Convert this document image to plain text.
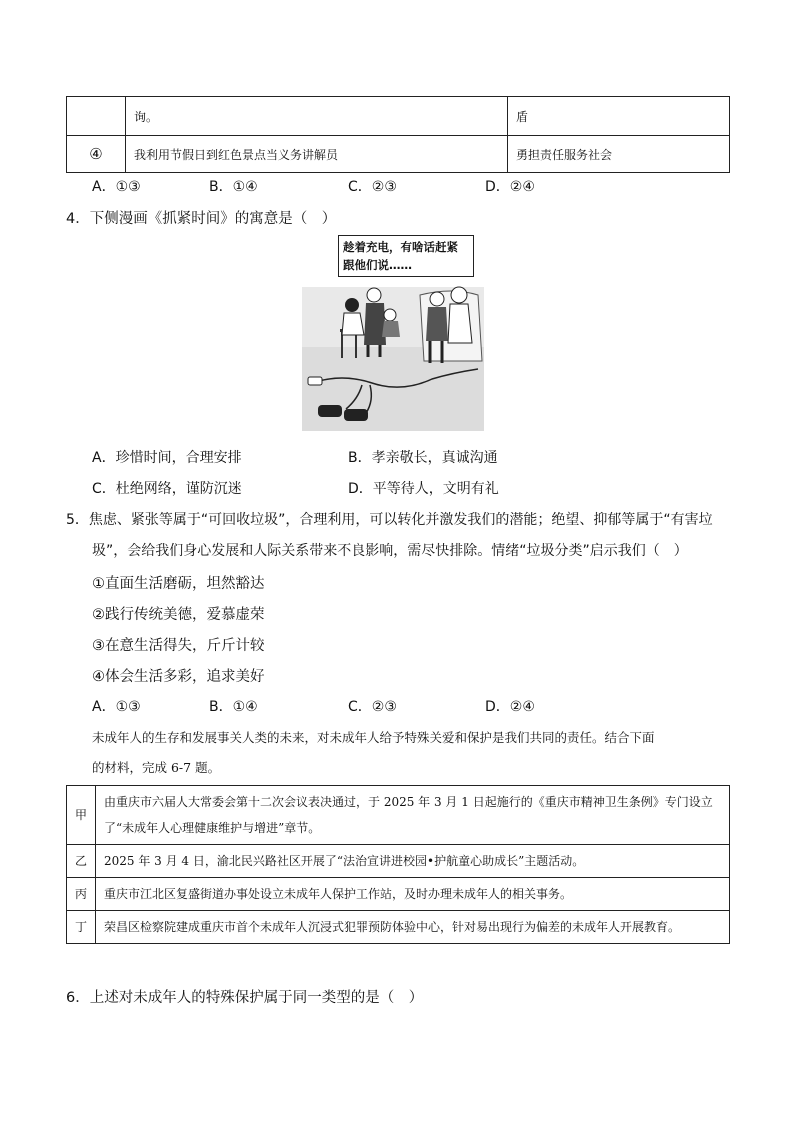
	询。	盾
④	我利用节假日到红色景点当义务讲解员	勇担责任服务社会
A．①③	B．①④	C．②③	D．②④
4．下侧漫画《抓紧时间》的寓意是（　）
趁着充电，有啥话赶紧
跟他们说……
A．珍惜时间，合理安排	B．孝亲敬长，真诚沟通
C．杜绝网络，谨防沉迷	D．平等待人，文明有礼
5．焦虑、紧张等属于“可回收垃圾”，合理利用，可以转化并激发我们的潜能；绝望、抑郁等属于“有害垃
圾”，会给我们身心发展和人际关系带来不良影响，需尽快排除。情绪“垃圾分类”启示我们（　）
①直面生活磨砺，坦然豁达
②践行传统美德，爱慕虚荣
③在意生活得失，斤斤计较
④体会生活多彩，追求美好
A．①③	B．①④	C．②③	D．②④
未成年人的生存和发展事关人类的未来，对未成年人给予特殊关爱和保护是我们共同的责任。结合下面
的材料，完成 6-7 题。
甲	由重庆市六届人大常委会第十二次会议表决通过，于 2025 年 3 月 1 日起施行的《重庆市精神卫生条例》专门设立了“未成年人心理健康维护与增进”章节。
乙	2025 年 3 月 4 日，渝北民兴路社区开展了“法治宣讲进校园•护航童心助成长”主题活动。
丙	重庆市江北区复盛街道办事处设立未成年人保护工作站，及时办理未成年人的相关事务。
丁	荣昌区检察院建成重庆市首个未成年人沉浸式犯罪预防体验中心，针对易出现行为偏差的未成年人开展教育。
6．上述对未成年人的特殊保护属于同一类型的是（　）
